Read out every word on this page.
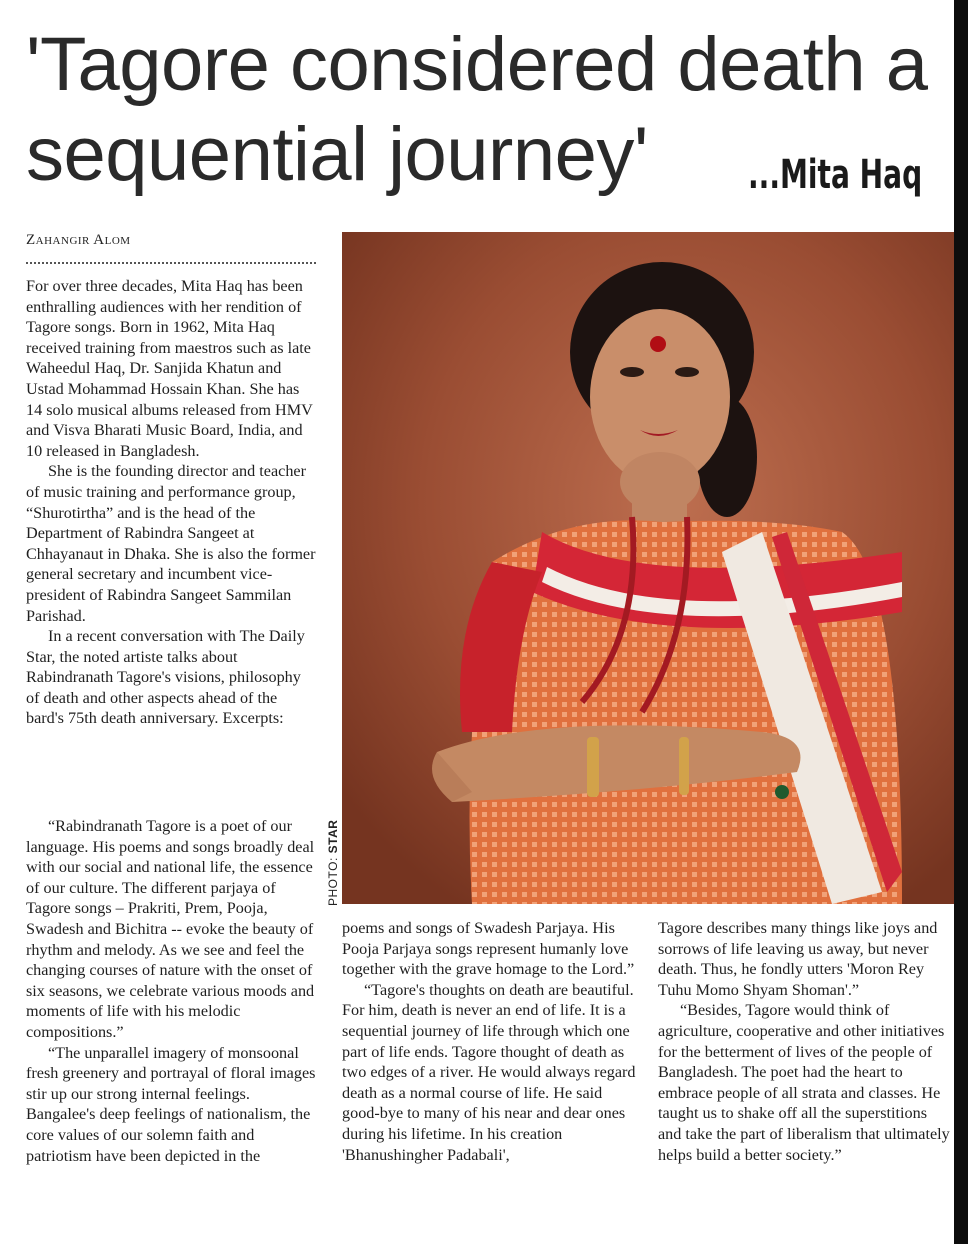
'Tagore considered death a
sequential journey'	...Mita Haq
Zahangir Alom

For over three decades, Mita Haq has been enthralling audiences with her rendition of Tagore songs. Born in 1962, Mita Haq received training from maestros such as late Waheedul Haq, Dr. Sanjida Khatun and Ustad Mohammad Hossain Khan. She has 14 solo musical albums released from HMV and Visva Bharati Music Board, India, and 10 released in Bangladesh.

She is the founding director and teacher of music training and performance group, “Shurotirtha” and is the head of the Department of Rabindra Sangeet at Chhayanaut in Dhaka. She is also the former general secretary and incumbent vice-president of Rabindra Sangeet Sammilan Parishad.

In a recent conversation with The Daily Star, the noted artiste talks about Rabindranath Tagore's visions, philosophy of death and other aspects ahead of the bard's 75th death anniversary. Excerpts:

“Rabindranath Tagore is a poet of our language. His poems and songs broadly deal with our social and national life, the essence of our culture. The different parjaya of Tagore songs – Prakriti, Prem, Pooja, Swadesh and Bichitra -- evoke the beauty of rhythm and melody. As we see and feel the changing courses of nature with the onset of six seasons, we celebrate various moods and moments of life with his melodic compositions.”

“The unparallel imagery of monsoonal fresh greenery and portrayal of floral images stir up our strong internal feelings. Bangalee's deep feelings of nationalism, the core values of our solemn faith and patriotism have been depicted in the

PHOTO: STAR

poems and songs of Swadesh Parjaya. His Pooja Parjaya songs represent humanly love together with the grave homage to the Lord.”

“Tagore's thoughts on death are beautiful. For him, death is never an end of life. It is a sequential journey of life through which one part of life ends. Tagore thought of death as two edges of a river. He would always regard death as a normal course of life. He said good-bye to many of his near and dear ones during his lifetime. In his creation 'Bhanushingher Padabali',

Tagore describes many things like joys and sorrows of life leaving us away, but never death. Thus, he fondly utters 'Moron Rey Tuhu Momo Shyam Shoman'.”

“Besides, Tagore would think of agriculture, cooperative and other initiatives for the betterment of lives of the people of Bangladesh. The poet had the heart to embrace people of all strata and classes. He taught us to shake off all the superstitions and take the part of liberalism that ultimately helps build a better society.”
